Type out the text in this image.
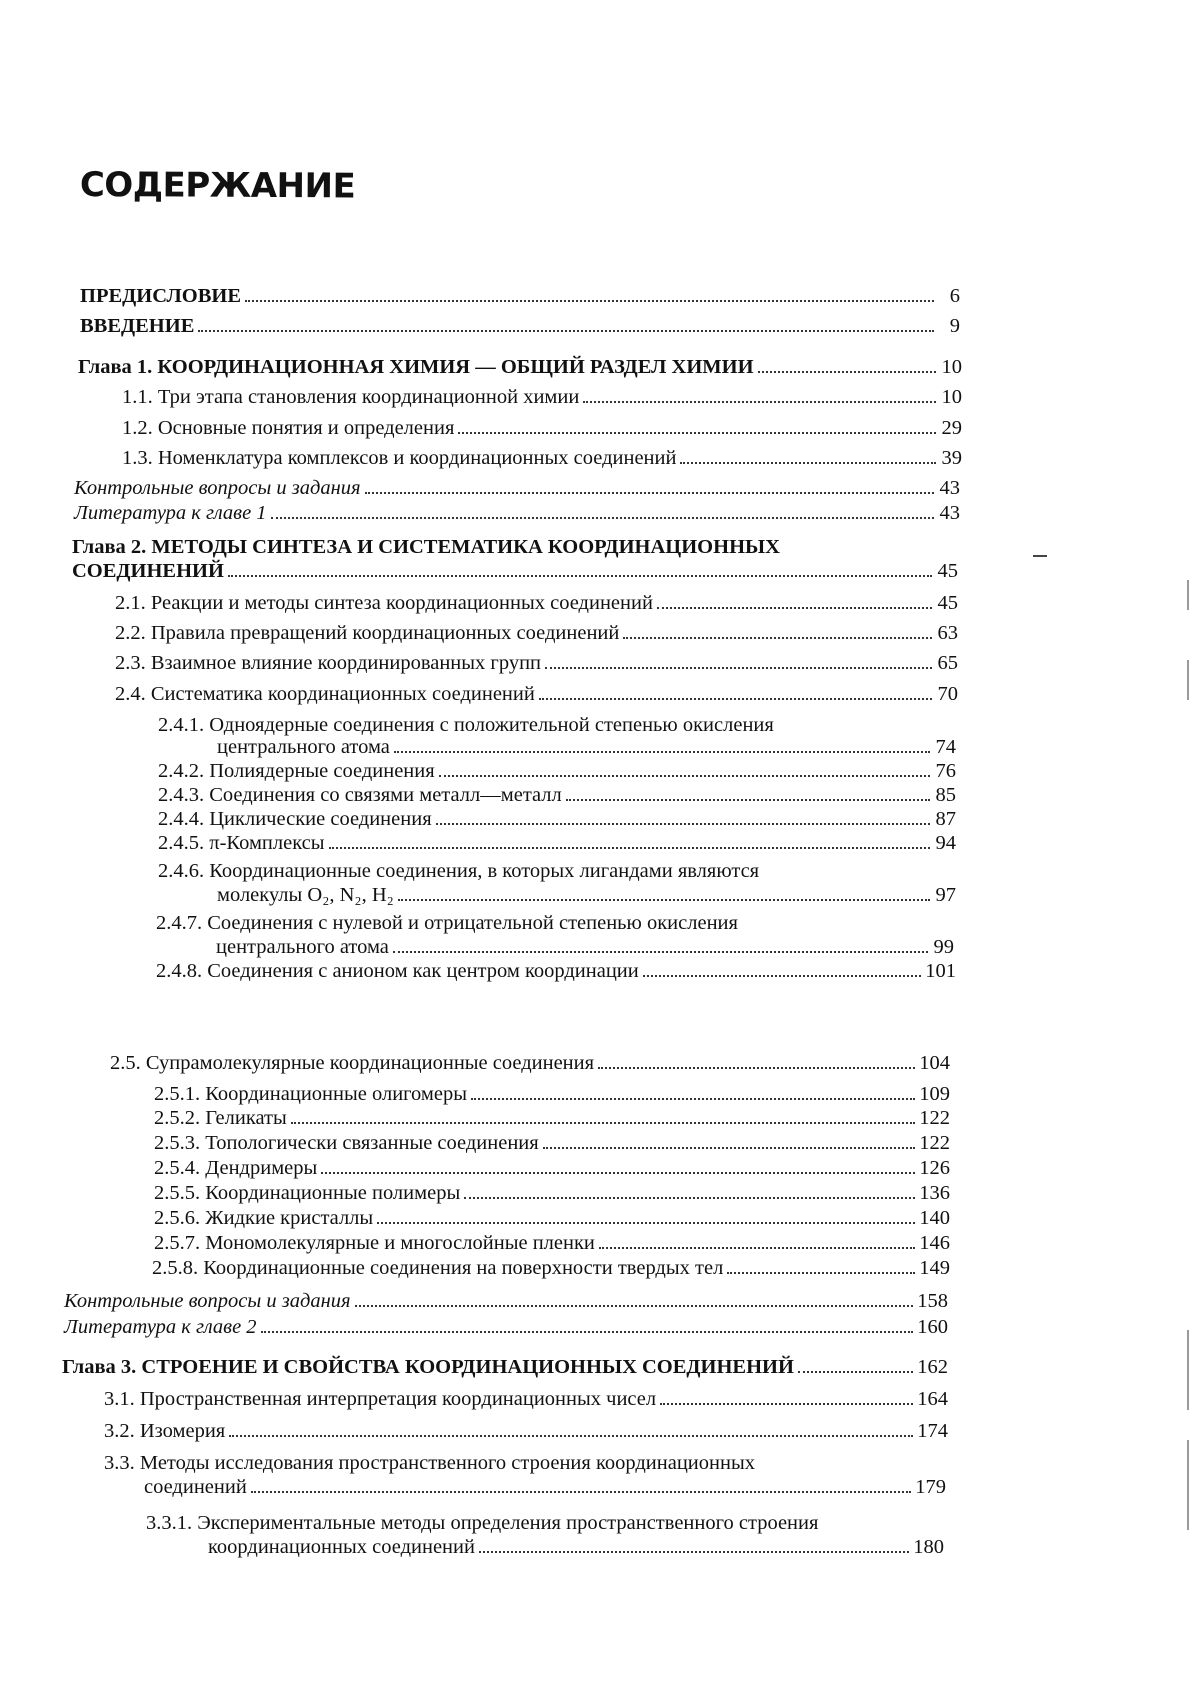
СОДЕРЖАНИЕ
ПРЕДИСЛОВИЕ	6
ВВЕДЕНИЕ	9
Глава 1. КООРДИНАЦИОННАЯ ХИМИЯ — ОБЩИЙ РАЗДЕЛ ХИМИИ	10
1.1. Три этапа становления координационной химии	10
1.2. Основные понятия и определения	29
1.3. Номенклатура комплексов и координационных соединений	39
Контрольные вопросы и задания	43
Литература к главе 1	43
Глава 2. МЕТОДЫ СИНТЕЗА И СИСТЕМАТИКА КООРДИНАЦИОННЫХ
СОЕДИНЕНИЙ	45
2.1. Реакции и методы синтеза координационных соединений	45
2.2. Правила превращений координационных соединений	63
2.3. Взаимное влияние координированных групп	65
2.4. Систематика координационных соединений	70
2.4.1. Одноядерные соединения с положительной степенью окисления
центрального атома	74
2.4.2. Полиядерные соединения	76
2.4.3. Соединения со связями металл—металл	85
2.4.4. Циклические соединения	87
2.4.5. π-Комплексы	94
2.4.6. Координационные соединения, в которых лигандами являются
молекулы O₂, N₂, H₂	97
2.4.7. Соединения с нулевой и отрицательной степенью окисления
центрального атома	99
2.4.8. Соединения с анионом как центром координации	101
2.5. Супрамолекулярные координационные соединения	104
2.5.1. Координационные олигомеры	109
2.5.2. Геликаты	122
2.5.3. Топологически связанные соединения	122
2.5.4. Дендримеры	126
2.5.5. Координационные полимеры	136
2.5.6. Жидкие кристаллы	140
2.5.7. Мономолекулярные и многослойные пленки	146
2.5.8. Координационные соединения на поверхности твердых тел	149
Контрольные вопросы и задания	158
Литература к главе 2	160
Глава 3. СТРОЕНИЕ И СВОЙСТВА КООРДИНАЦИОННЫХ СОЕДИНЕНИЙ	162
3.1. Пространственная интерпретация координационных чисел	164
3.2. Изомерия	174
3.3. Методы исследования пространственного строения координационных
соединений	179
3.3.1. Экспериментальные методы определения пространственного строения
координационных соединений	180
